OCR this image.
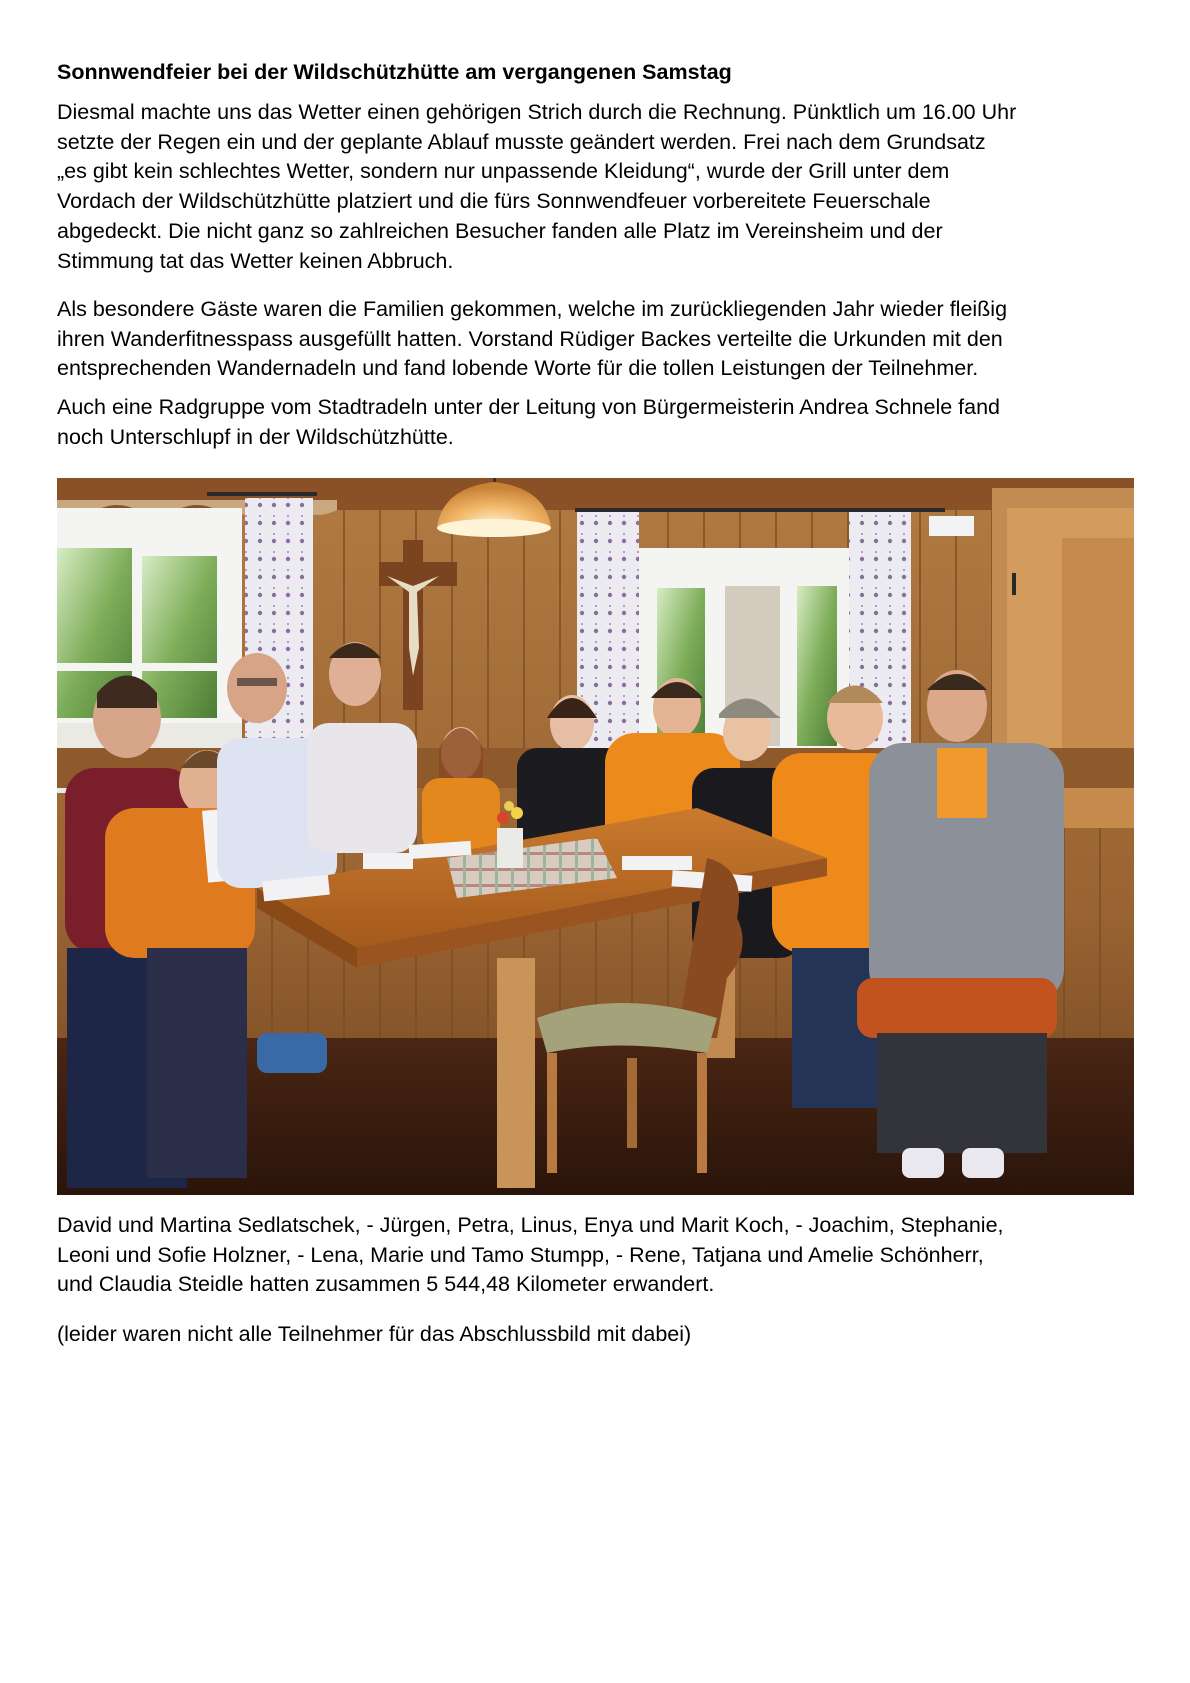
Sonnwendfeier bei der Wildschützhütte am vergangenen Samstag

Diesmal machte uns das Wetter einen gehörigen Strich durch die Rechnung. Pünktlich um 16.00 Uhr
setzte der Regen ein und der geplante Ablauf musste geändert werden. Frei nach dem Grundsatz
„es gibt kein schlechtes Wetter, sondern nur unpassende Kleidung“, wurde der Grill unter dem
Vordach der Wildschützhütte platziert und die fürs Sonnwendfeuer vorbereitete Feuerschale
abgedeckt. Die nicht ganz so zahlreichen Besucher fanden alle Platz im Vereinsheim und der
Stimmung tat das Wetter keinen Abbruch.

Als besondere Gäste waren die Familien gekommen, welche im zurückliegenden Jahr wieder fleißig
ihren Wanderfitnesspass ausgefüllt hatten. Vorstand Rüdiger Backes verteilte die Urkunden mit den
entsprechenden Wandernadeln und fand lobende Worte für die tollen Leistungen der Teilnehmer.

Auch eine Radgruppe vom Stadtradeln unter der Leitung von Bürgermeisterin Andrea Schnele fand
noch Unterschlupf in der Wildschützhütte.

David und Martina Sedlatschek, - Jürgen, Petra, Linus, Enya und Marit Koch, - Joachim, Stephanie,
Leoni und Sofie Holzner, - Lena, Marie und Tamo Stumpp, - Rene, Tatjana und Amelie Schönherr,
und Claudia Steidle hatten zusammen 5 544,48 Kilometer erwandert.

(leider waren nicht alle Teilnehmer für das Abschlussbild mit dabei)
